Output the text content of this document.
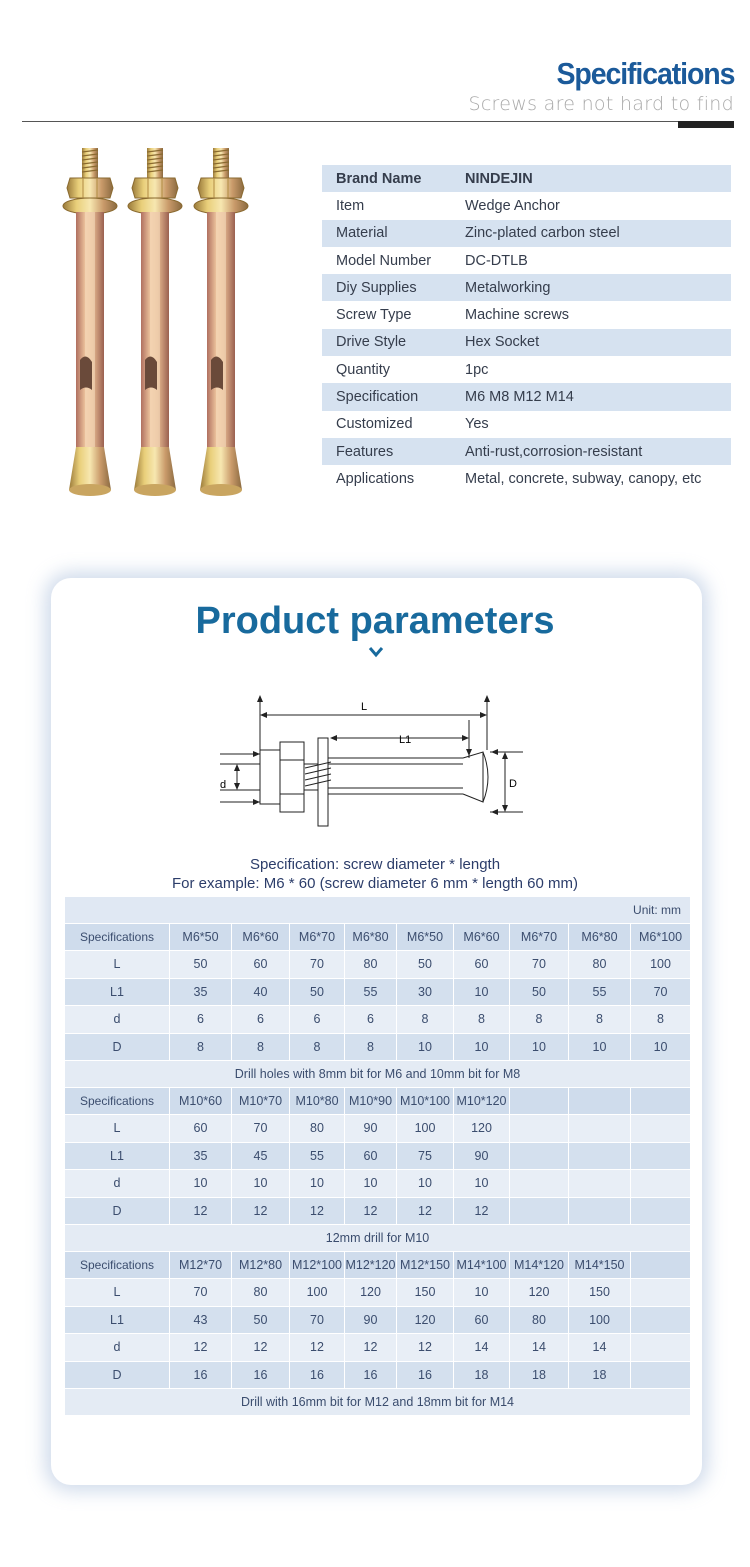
Specifications
Screws are not hard to find
Brand Name	NINDEJIN
Item	Wedge Anchor
Material	Zinc-plated carbon steel
Model Number	DC-DTLB
Diy Supplies	Metalworking
Screw Type	Machine screws
Drive Style	Hex Socket
Quantity	1pc
Specification	M6 M8 M12 M14
Customized	Yes
Features	Anti-rust,corrosion-resistant
Applications	Metal, concrete, subway, canopy, etc
Product parameters
L
L1
d	D
Specification: screw diameter * length
For example: M6 * 60 (screw diameter 6 mm * length 60 mm)
Unit: mm									
Specifications	M6*50	M6*60	M6*70	M6*80	M6*50	M6*60	M6*70	M6*80	M6*100
L	50	60	70	80	50	60	70	80	100
L1	35	40	50	55	30	10	50	55	70
d	6	6	6	6	8	8	8	8	8
D	8	8	8	8	10	10	10	10	10
Drill holes with 8mm bit for M6 and 10mm bit for M8									
Specifications	M10*60	M10*70	M10*80	M10*90	M10*100	M10*120			
L	60	70	80	90	100	120			
L1	35	45	55	60	75	90			
d	10	10	10	10	10	10			
D	12	12	12	12	12	12			
12mm drill for M10									
Specifications	M12*70	M12*80	M12*100	M12*120	M12*150	M14*100	M14*120	M14*150	
L	70	80	100	120	150	10	120	150	
L1	43	50	70	90	120	60	80	100	
d	12	12	12	12	12	14	14	14	
D	16	16	16	16	16	18	18	18	
Drill with 16mm bit for M12 and 18mm bit for M14									
